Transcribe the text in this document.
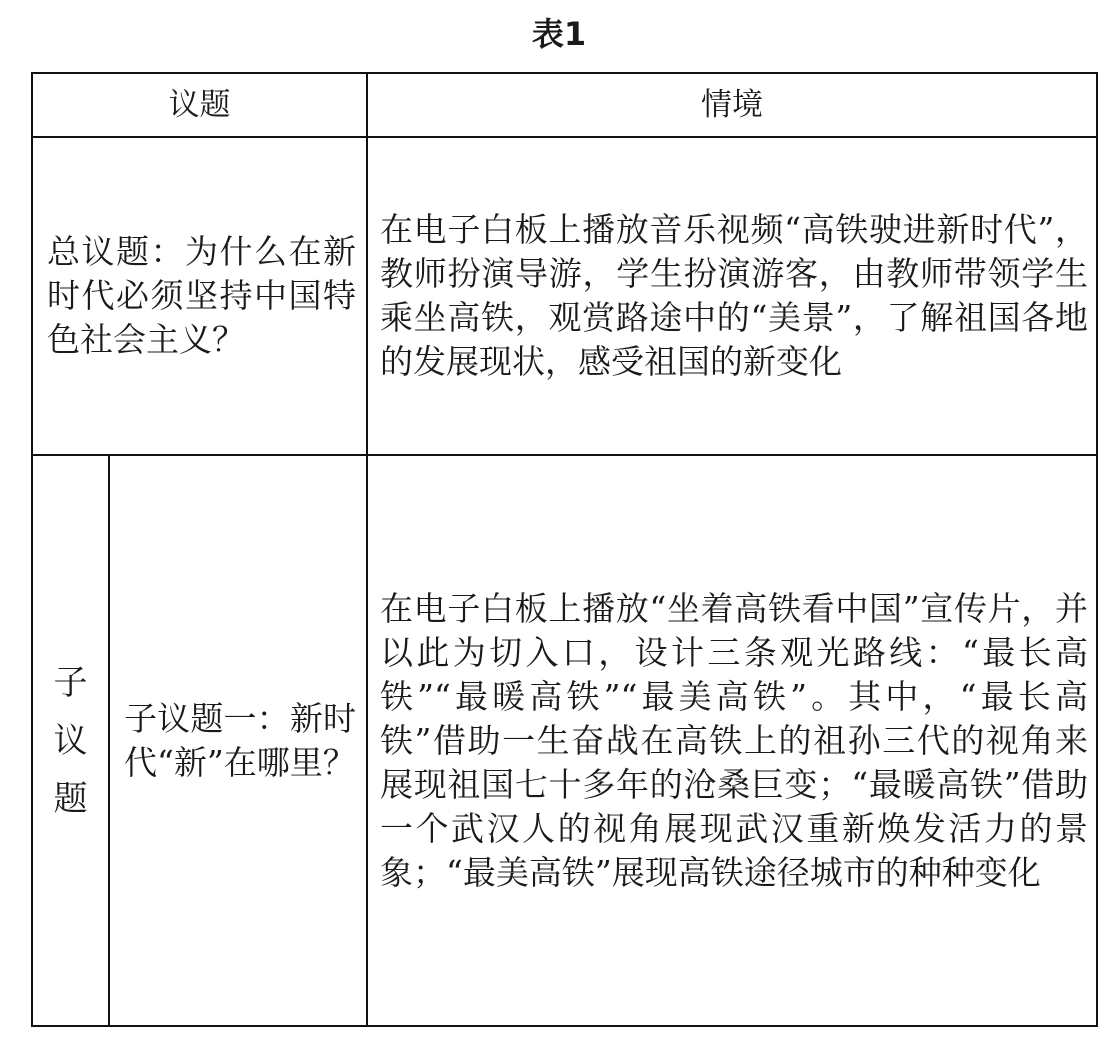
表1
议题		情境
总议题：为什么在新时代必须坚持中国特色社会主义？		在电子白板上播放音乐视频“高铁驶进新时代”，教师扮演导游，学生扮演游客，由教师带领学生乘坐高铁，观赏路途中的“美景”，了解祖国各地的发展现状，感受祖国的新变化

子
议
题	子议题一：新时代“新”在哪里？	在电子白板上播放“坐着高铁看中国”宣传片，并以此为切入口，设计三条观光路线：“最长高铁”“最暖高铁”“最美高铁”。其中，“最长高铁”借助一生奋战在高铁上的祖孙三代的视角来展现祖国七十多年的沧桑巨变；“最暖高铁”借助一个武汉人的视角展现武汉重新焕发活力的景象；“最美高铁”展现高铁途径城市的种种变化
